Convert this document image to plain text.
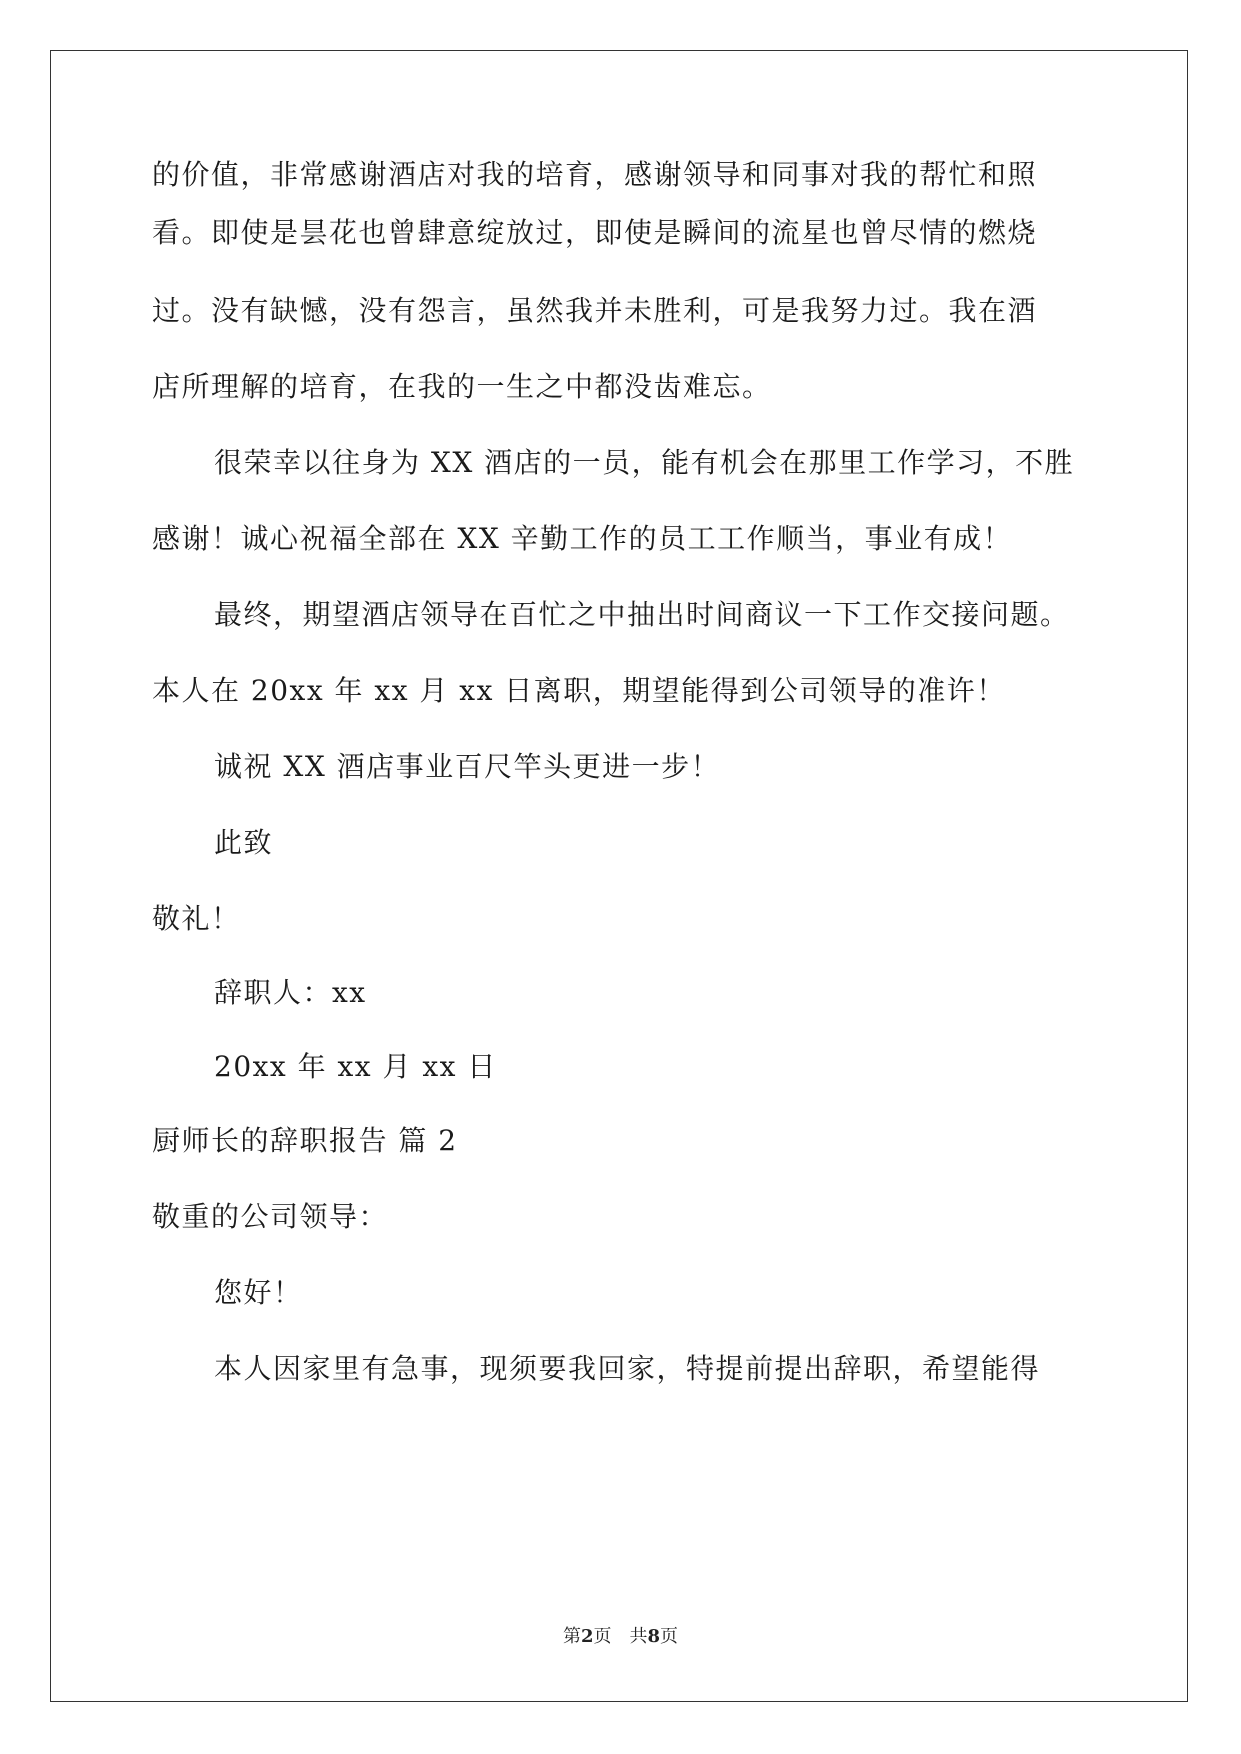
的价值，非常感谢酒店对我的培育，感谢领导和同事对我的帮忙和照
看。即使是昙花也曾肆意绽放过，即使是瞬间的流星也曾尽情的燃烧
过。没有缺憾，没有怨言，虽然我并未胜利，可是我努力过。我在酒
店所理解的培育，在我的一生之中都没齿难忘。
很荣幸以往身为 XX 酒店的一员，能有机会在那里工作学习，不胜
感谢！诚心祝福全部在 XX 辛勤工作的员工工作顺当，事业有成！
最终，期望酒店领导在百忙之中抽出时间商议一下工作交接问题。
本人在 20xx 年 xx 月 xx 日离职，期望能得到公司领导的准许！
诚祝 XX 酒店事业百尺竿头更进一步！
此致
敬礼！
辞职人：xx
20xx 年 xx 月 xx 日
厨师长的辞职报告 篇 2
敬重的公司领导：
您好！
本人因家里有急事，现须要我回家，特提前提出辞职，希望能得
第2页　共8页
